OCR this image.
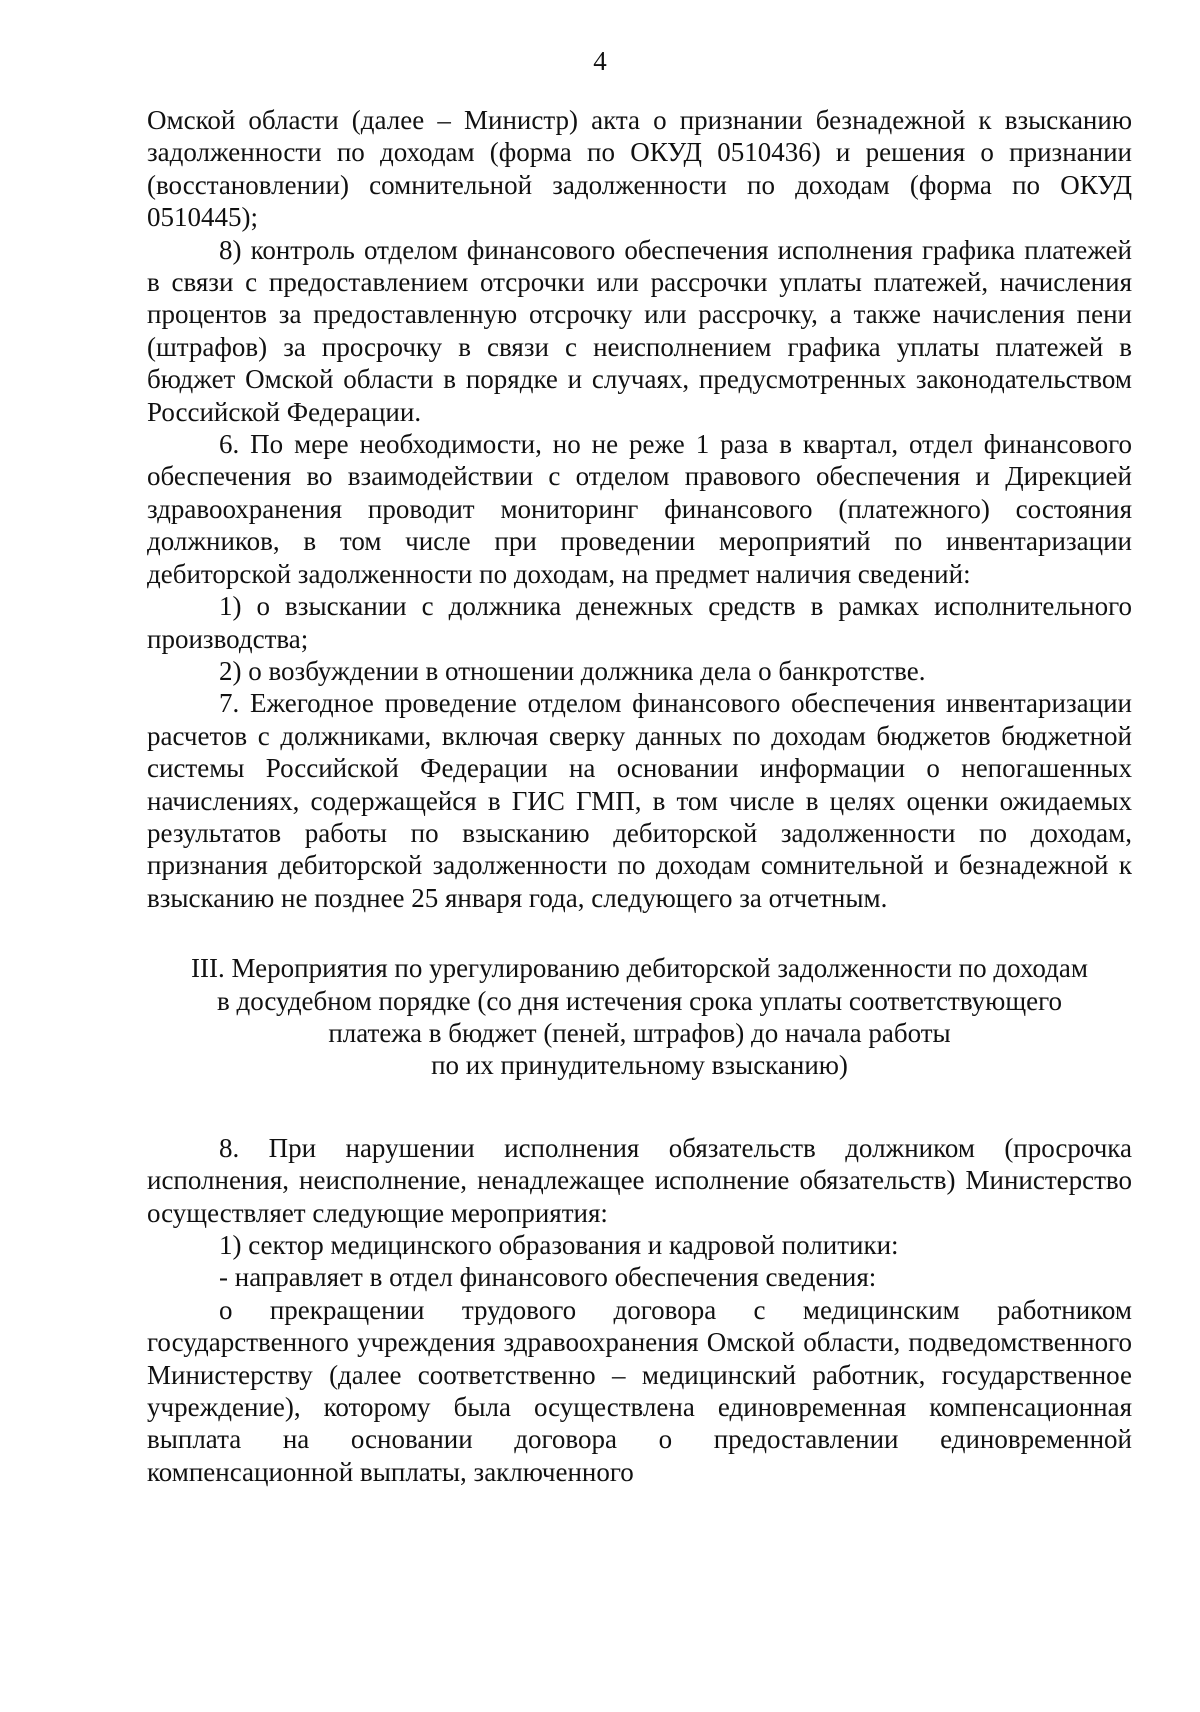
4

Омской области (далее – Министр) акта о признании безнадежной к взысканию задолженности по доходам (форма по ОКУД 0510436) и решения о признании (восстановлении) сомнительной задолженности по доходам (форма по ОКУД 0510445);

8) контроль отделом финансового обеспечения исполнения графика платежей в связи с предоставлением отсрочки или рассрочки уплаты платежей, начисления процентов за предоставленную отсрочку или рассрочку, а также начисления пени (штрафов) за просрочку в связи с неисполнением графика уплаты платежей в бюджет Омской области в порядке и случаях, предусмотренных законодательством Российской Федерации.

6. По мере необходимости, но не реже 1 раза в квартал, отдел финансового обеспечения во взаимодействии с отделом правового обеспечения и Дирекцией здравоохранения проводит мониторинг финансового (платежного) состояния должников, в том числе при проведении мероприятий по инвентаризации дебиторской задолженности по доходам, на предмет наличия сведений:

1) о взыскании с должника денежных средств в рамках исполнительного производства;

2) о возбуждении в отношении должника дела о банкротстве.

7. Ежегодное проведение отделом финансового обеспечения инвентаризации расчетов с должниками, включая сверку данных по доходам бюджетов бюджетной системы Российской Федерации на основании информации о непогашенных начислениях, содержащейся в ГИС ГМП, в том числе в целях оценки ожидаемых результатов работы по взысканию дебиторской задолженности по доходам, признания дебиторской задолженности по доходам сомнительной и безнадежной к взысканию не позднее 25 января года, следующего за отчетным.

III. Мероприятия по урегулированию дебиторской задолженности по доходам
в досудебном порядке (со дня истечения срока уплаты соответствующего
платежа в бюджет (пеней, штрафов) до начала работы
по их принудительному взысканию)

8. При нарушении исполнения обязательств должником (просрочка исполнения, неисполнение, ненадлежащее исполнение обязательств) Министерство осуществляет следующие мероприятия:

1) сектор медицинского образования и кадровой политики:

- направляет в отдел финансового обеспечения сведения:

о прекращении трудового договора с медицинским работником государственного учреждения здравоохранения Омской области, подведомственного Министерству (далее соответственно – медицинский работник, государственное учреждение), которому была осуществлена единовременная компенсационная выплата на основании договора о предоставлении единовременной компенсационной выплаты, заключенного
